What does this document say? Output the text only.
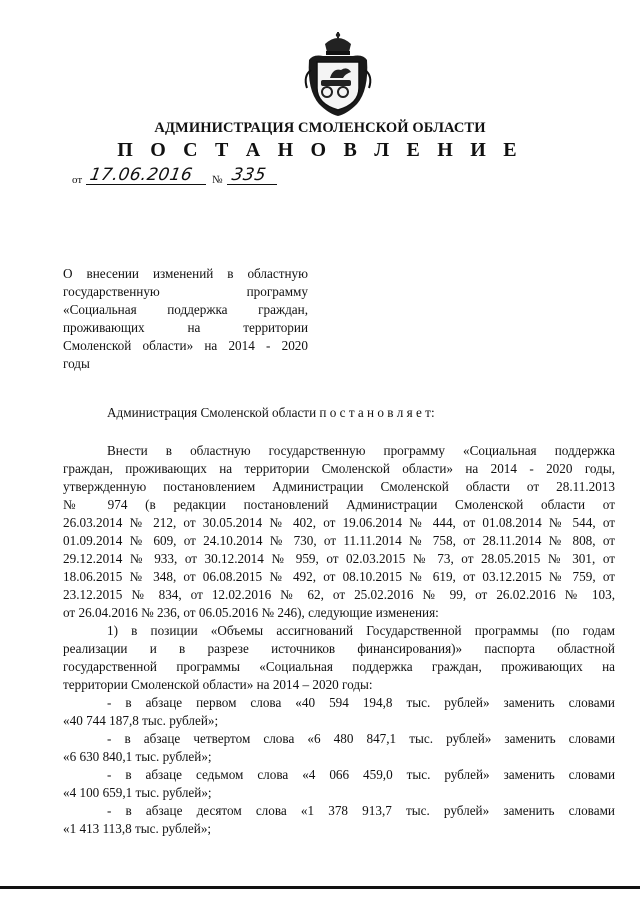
АДМИНИСТРАЦИЯ СМОЛЕНСКОЙ ОБЛАСТИ
П О С Т А Н О В Л Е Н И Е
от 17.06.2016 № 335
О внесении изменений в областную
государственную программу
«Социальная поддержка граждан,
проживающих на территории
Смоленской области» на 2014 - 2020
годы
Администрация Смоленской области п о с т а н о в л я е т:
Внести в областную государственную программу «Социальная поддержка
граждан, проживающих на территории Смоленской области» на 2014 - 2020 годы,
утвержденную постановлением Администрации Смоленской области от 28.11.2013
№ 974 (в редакции постановлений Администрации Смоленской области от
26.03.2014 № 212, от 30.05.2014 № 402, от 19.06.2014 № 444, от 01.08.2014 № 544, от
01.09.2014 № 609, от 24.10.2014 № 730, от 11.11.2014 № 758, от 28.11.2014 № 808, от
29.12.2014 № 933, от 30.12.2014 № 959, от 02.03.2015 № 73, от 28.05.2015 № 301, от
18.06.2015 № 348, от 06.08.2015 № 492, от 08.10.2015 № 619, от 03.12.2015 № 759, от
23.12.2015 № 834, от 12.02.2016 № 62, от 25.02.2016 № 99, от 26.02.2016 № 103,
от 26.04.2016 № 236, от 06.05.2016 № 246), следующие изменения:
1) в позиции «Объемы ассигнований Государственной программы (по годам
реализации и в разрезе источников финансирования)» паспорта областной
государственной программы «Социальная поддержка граждан, проживающих на
территории Смоленской области» на 2014 – 2020 годы:
- в абзаце первом слова «40 594 194,8 тыс. рублей» заменить словами
«40 744 187,8 тыс. рублей»;
- в абзаце четвертом слова «6 480 847,1 тыс. рублей» заменить словами
«6 630 840,1 тыс. рублей»;
- в абзаце седьмом слова «4 066 459,0 тыс. рублей» заменить словами
«4 100 659,1 тыс. рублей»;
- в абзаце десятом слова «1 378 913,7 тыс. рублей» заменить словами
«1 413 113,8 тыс. рублей»;
